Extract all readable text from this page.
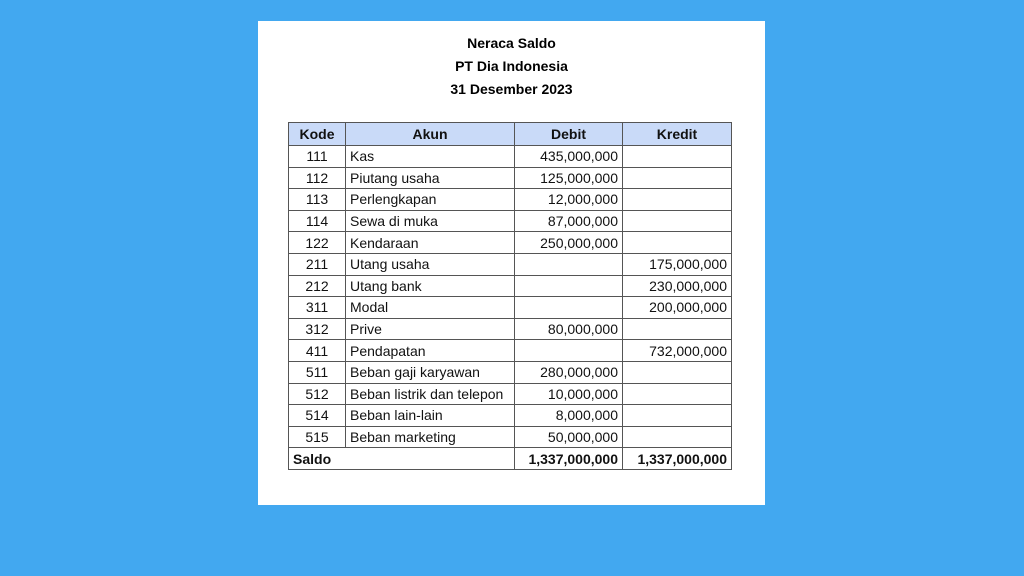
Neraca Saldo
PT Dia Indonesia
31 Desember 2023
Kode	Akun	Debit	Kredit
111	Kas	435,000,000	
112	Piutang usaha	125,000,000	
113	Perlengkapan	12,000,000	
114	Sewa di muka	87,000,000	
122	Kendaraan	250,000,000	
211	Utang usaha		175,000,000
212	Utang bank		230,000,000
311	Modal		200,000,000
312	Prive	80,000,000	
411	Pendapatan		732,000,000
511	Beban gaji karyawan	280,000,000	
512	Beban listrik dan telepon	10,000,000	
514	Beban lain-lain	8,000,000	
515	Beban marketing	50,000,000	
Saldo		1,337,000,000	1,337,000,000
